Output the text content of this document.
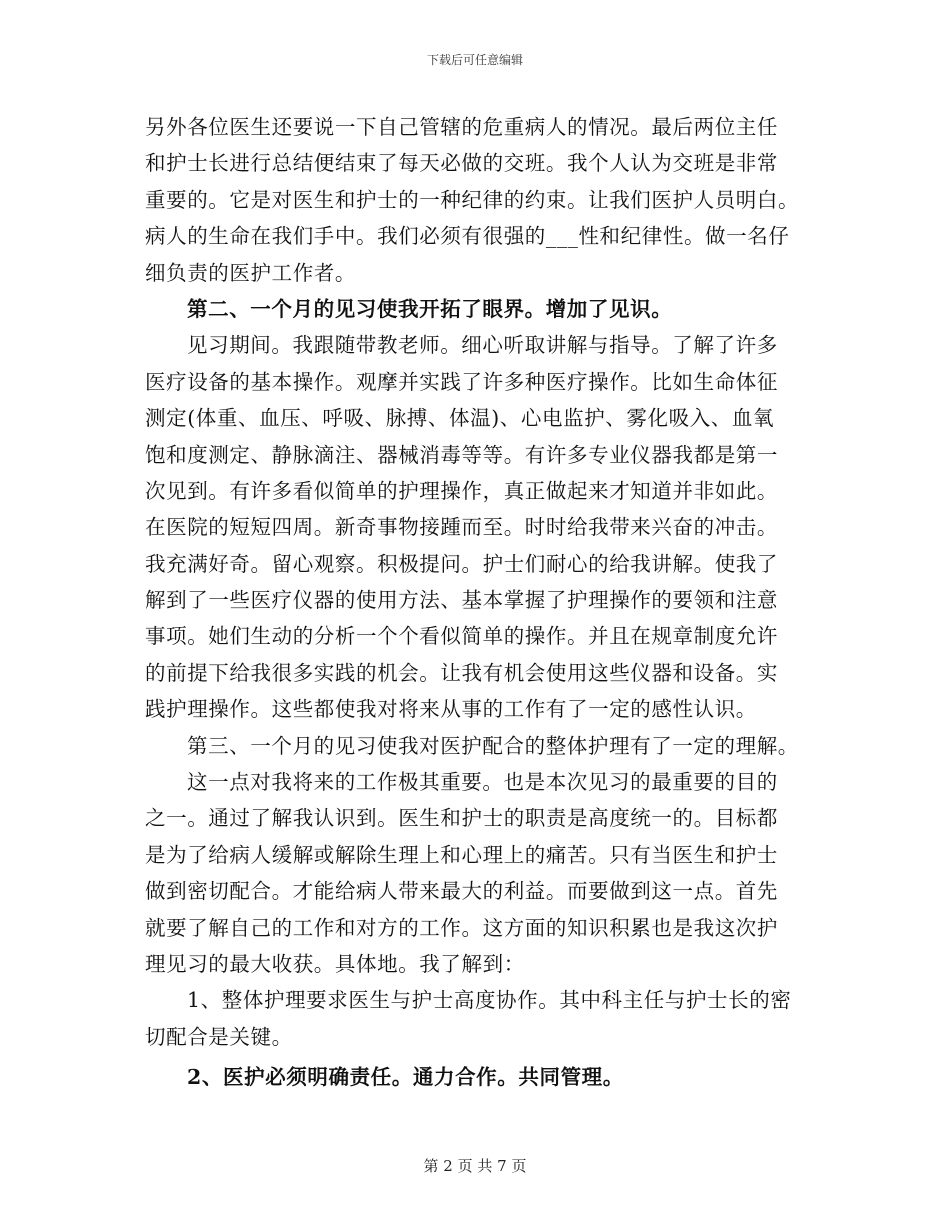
下载后可任意编辑
另外各位医生还要说一下自己管辖的危重病人的情况。最后两位主任
和护士长进行总结便结束了每天必做的交班。我个人认为交班是非常
重要的。它是对医生和护士的一种纪律的约束。让我们医护人员明白。
病人的生命在我们手中。我们必须有很强的___性和纪律性。做一名仔
细负责的医护工作者。
第二、一个月的见习使我开拓了眼界。增加了见识。
见习期间。我跟随带教老师。细心听取讲解与指导。了解了许多
医疗设备的基本操作。观摩并实践了许多种医疗操作。比如生命体征
测定(体重、血压、呼吸、脉搏、体温)、心电监护、雾化吸入、血氧
饱和度测定、静脉滴注、器械消毒等等。有许多专业仪器我都是第一
次见到。有许多看似简单的护理操作，真正做起来才知道并非如此。
在医院的短短四周。新奇事物接踵而至。时时给我带来兴奋的冲击。
我充满好奇。留心观察。积极提问。护士们耐心的给我讲解。使我了
解到了一些医疗仪器的使用方法、基本掌握了护理操作的要领和注意
事项。她们生动的分析一个个看似简单的操作。并且在规章制度允许
的前提下给我很多实践的机会。让我有机会使用这些仪器和设备。实
践护理操作。这些都使我对将来从事的工作有了一定的感性认识。
第三、一个月的见习使我对医护配合的整体护理有了一定的理解。
这一点对我将来的工作极其重要。也是本次见习的最重要的目的
之一。通过了解我认识到。医生和护士的职责是高度统一的。目标都
是为了给病人缓解或解除生理上和心理上的痛苦。只有当医生和护士
做到密切配合。才能给病人带来最大的利益。而要做到这一点。首先
就要了解自己的工作和对方的工作。这方面的知识积累也是我这次护
理见习的最大收获。具体地。我了解到：
1、整体护理要求医生与护士高度协作。其中科主任与护士长的密
切配合是关键。
2、医护必须明确责任。通力合作。共同管理。
第 2 页 共 7 页
